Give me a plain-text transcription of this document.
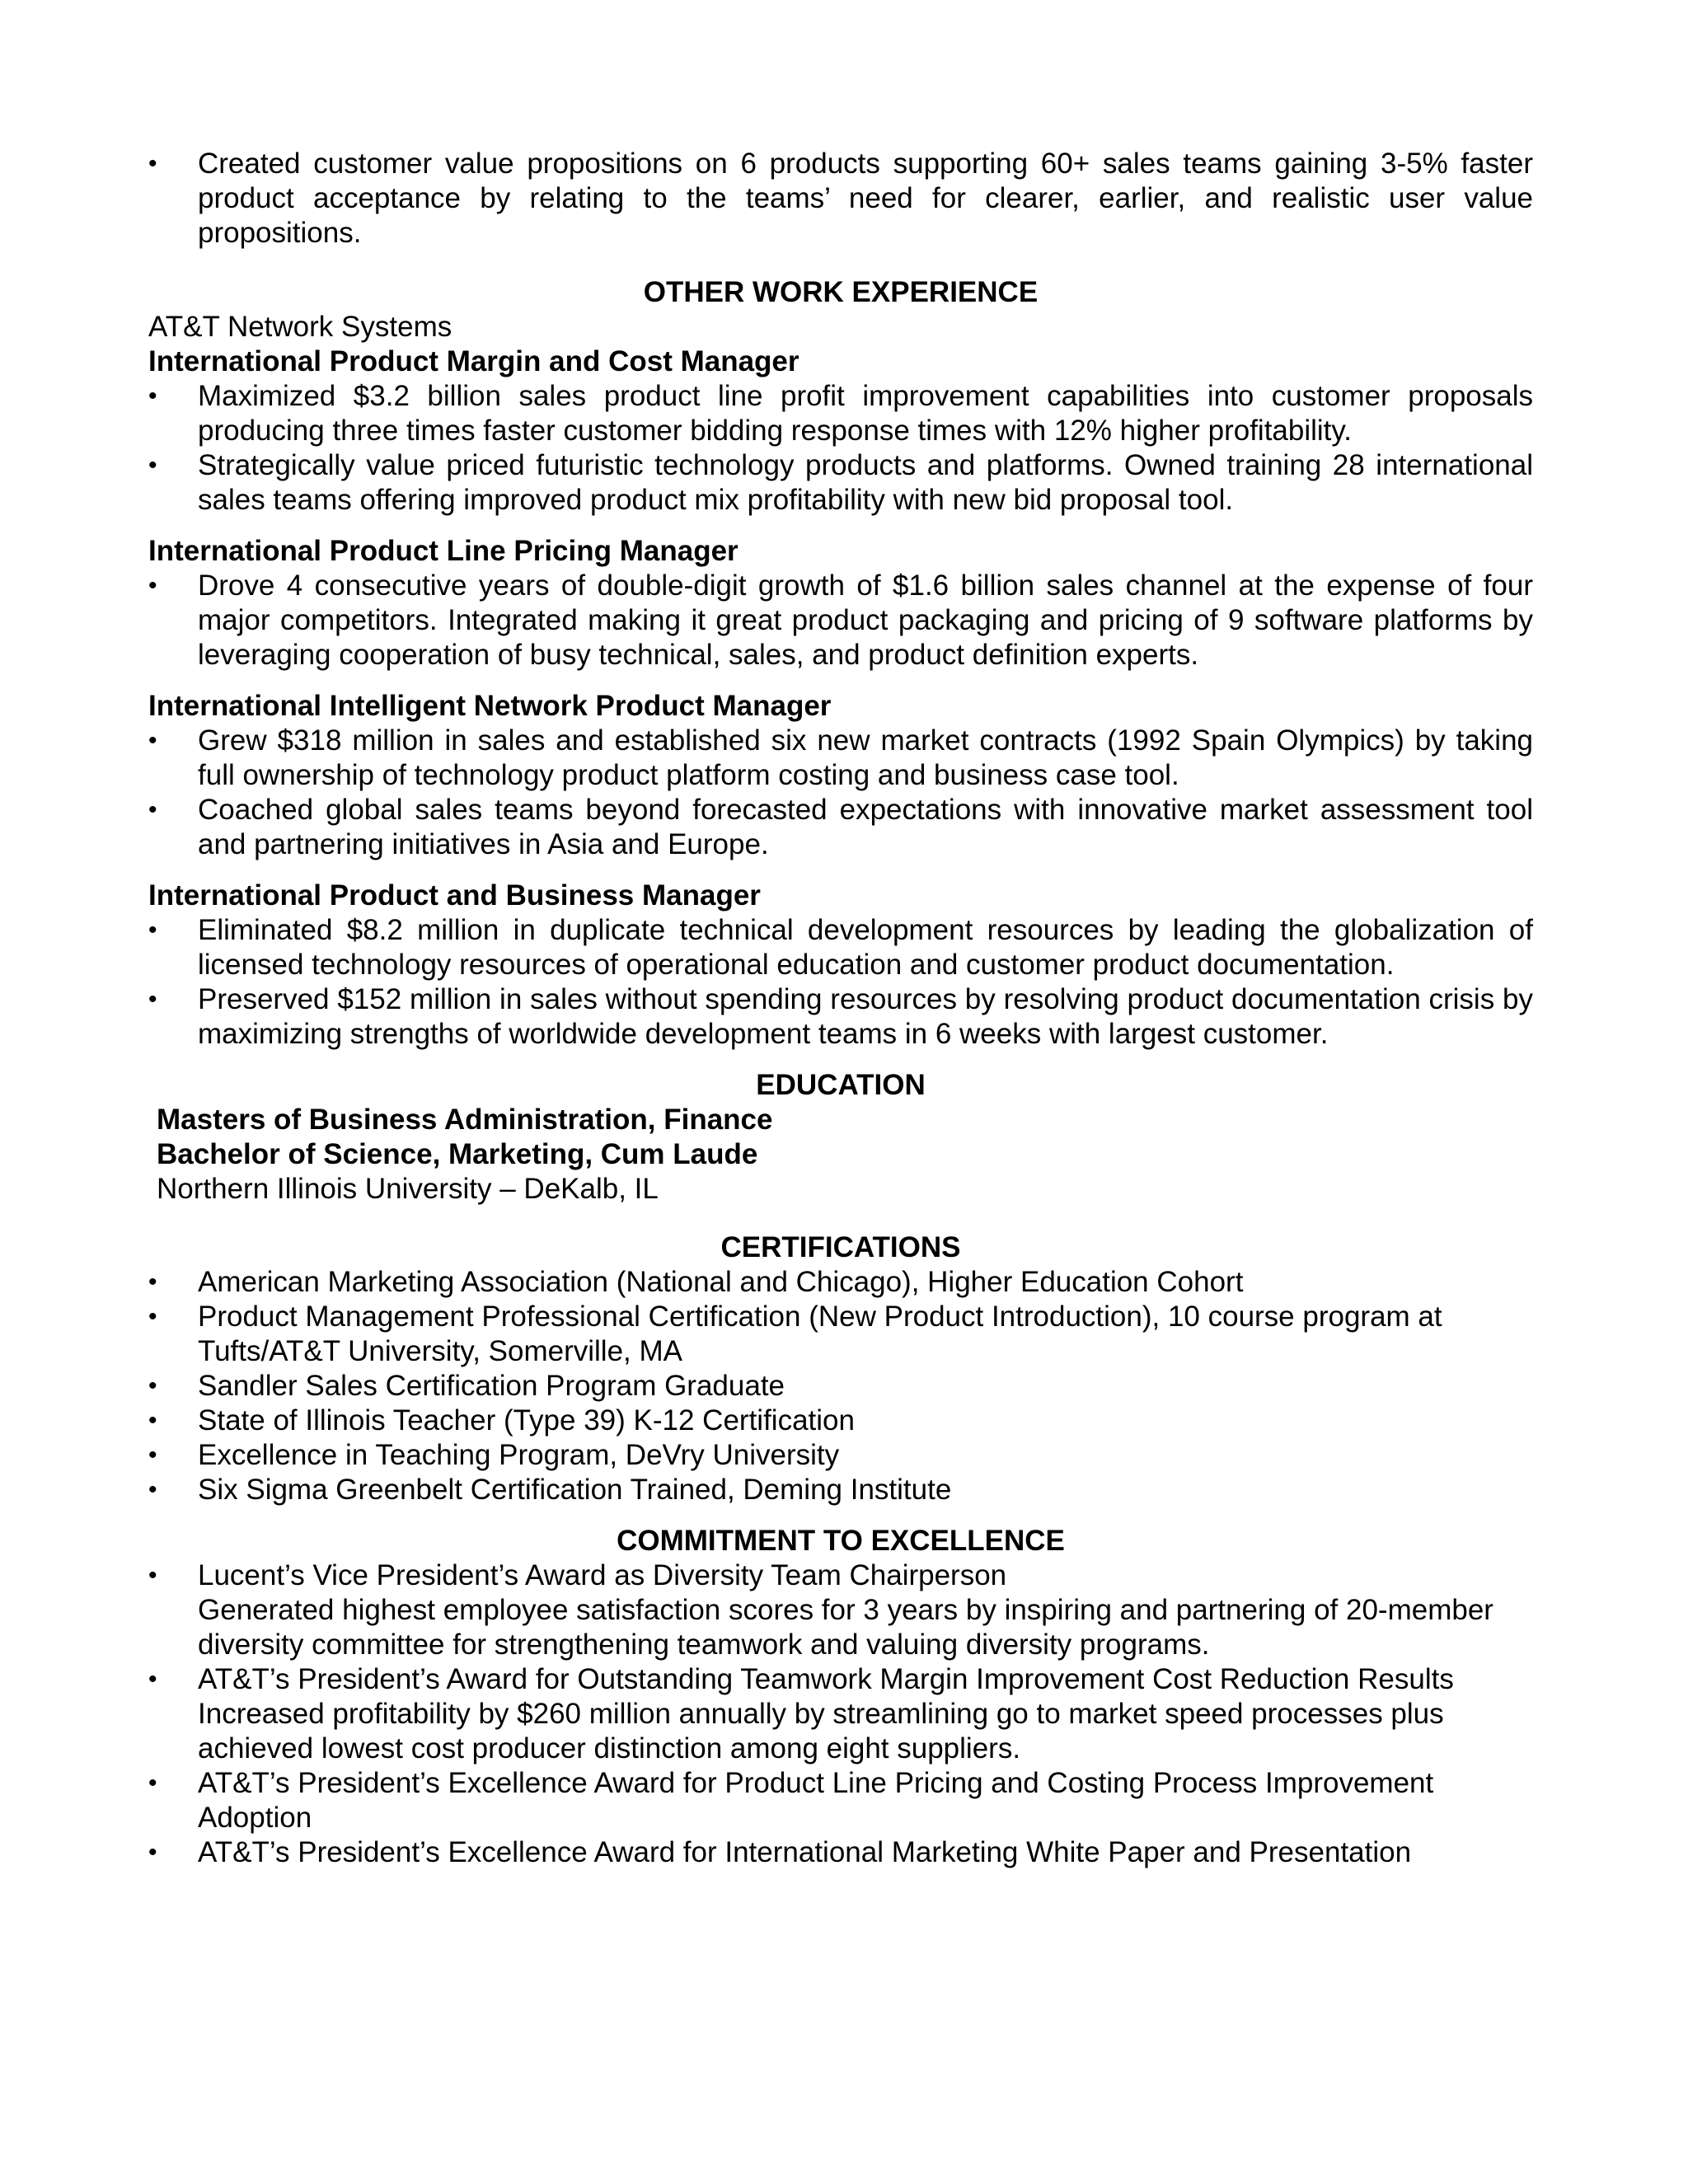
• Created customer value propositions on 6 products supporting 60+ sales teams gaining 3-5% faster product acceptance by relating to the teams’ need for clearer, earlier, and realistic user value propositions.

OTHER WORK EXPERIENCE

AT&T Network Systems

International Product Margin and Cost Manager

• Maximized $3.2 billion sales product line profit improvement capabilities into customer proposals producing three times faster customer bidding response times with 12% higher profitability.
• Strategically value priced futuristic technology products and platforms. Owned training 28 international sales teams offering improved product mix profitability with new bid proposal tool.

International Product Line Pricing Manager

• Drove 4 consecutive years of double-digit growth of $1.6 billion sales channel at the expense of four major competitors. Integrated making it great product packaging and pricing of 9 software platforms by leveraging cooperation of busy technical, sales, and product definition experts.

International Intelligent Network Product Manager

• Grew $318 million in sales and established six new market contracts (1992 Spain Olympics) by taking full ownership of technology product platform costing and business case tool.
• Coached global sales teams beyond forecasted expectations with innovative market assessment tool and partnering initiatives in Asia and Europe.

International Product and Business Manager

• Eliminated $8.2 million in duplicate technical development resources by leading the globalization of licensed technology resources of operational education and customer product documentation.
• Preserved $152 million in sales without spending resources by resolving product documentation crisis by maximizing strengths of worldwide development teams in 6 weeks with largest customer.

EDUCATION

Masters of Business Administration, Finance

Bachelor of Science, Marketing, Cum Laude

Northern Illinois University – DeKalb, IL

CERTIFICATIONS

• American Marketing Association (National and Chicago), Higher Education Cohort
• Product Management Professional Certification (New Product Introduction), 10 course program at Tufts/AT&T University, Somerville, MA
• Sandler Sales Certification Program Graduate
• State of Illinois Teacher (Type 39) K-12 Certification
• Excellence in Teaching Program, DeVry University
• Six Sigma Greenbelt Certification Trained, Deming Institute

COMMITMENT TO EXCELLENCE

• Lucent’s Vice President’s Award as Diversity Team Chairperson
Generated highest employee satisfaction scores for 3 years by inspiring and partnering of 20-member diversity committee for strengthening teamwork and valuing diversity programs.
• AT&T’s President’s Award for Outstanding Teamwork Margin Improvement Cost Reduction Results
Increased profitability by $260 million annually by streamlining go to market speed processes plus achieved lowest cost producer distinction among eight suppliers.
• AT&T’s President’s Excellence Award for Product Line Pricing and Costing Process Improvement Adoption
• AT&T’s President’s Excellence Award for International Marketing White Paper and Presentation
